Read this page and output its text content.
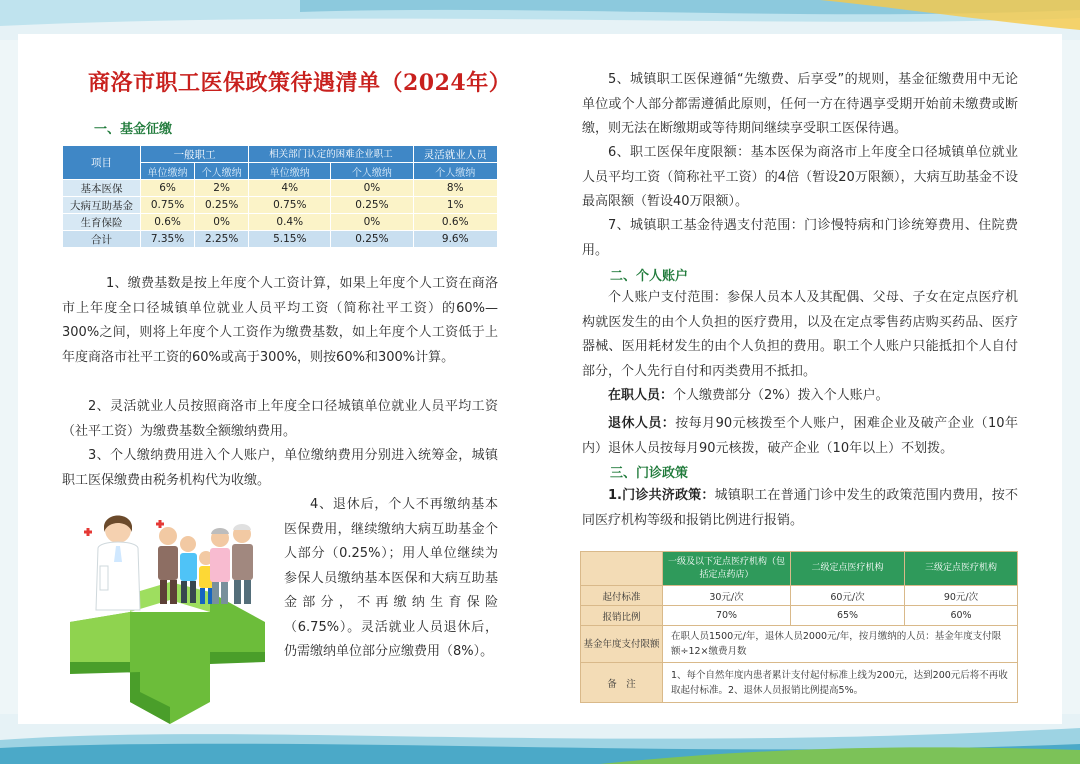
商洛市职工医保政策待遇清单（2024年）
一、基金征缴
项目	一般职工		相关部门认定的困难企业职工		灵活就业人员
	单位缴纳	个人缴纳	单位缴纳	个人缴纳	个人缴纳
基本医保	6%	2%	4%	0%	8%
大病互助基金	0.75%	0.25%	0.75%	0.25%	1%
生育保险	0.6%	0%	0.4%	0%	0.6%
合计	7.35%	2.25%	5.15%	0.25%	9.6%
1、缴费基数是按上年度个人工资计算，如果上年度个人工资在商洛市上年度全口径城镇单位就业人员平均工资（简称社平工资）的60%—300%之间，则将上年度个人工资作为缴费基数，如上年度个人工资低于上年度商洛市社平工资的60%或高于300%，则按60%和300%计算。
2、灵活就业人员按照商洛市上年度全口径城镇单位就业人员平均工资（社平工资）为缴费基数全额缴纳费用。
3、个人缴纳费用进入个人账户，单位缴纳费用分别进入统筹金，城镇职工医保缴费由税务机构代为收缴。
4、退休后，个人不再缴纳基本医保费用，继续缴纳大病互助基金个人部分（0.25%）；用人单位继续为参保人员缴纳基本医保和大病互助基金部分，不再缴纳生育保险（6.75%）。灵活就业人员退休后，仍需缴纳单位部分应缴费用（8%）。
5、城镇职工医保遵循“先缴费、后享受”的规则，基金征缴费用中无论单位或个人部分都需遵循此原则，任何一方在待遇享受期开始前未缴费或断缴，则无法在断缴期或等待期间继续享受职工医保待遇。
6、职工医保年度限额：基本医保为商洛市上年度全口径城镇单位就业人员平均工资（简称社平工资）的4倍（暂设20万限额），大病互助基金不设最高限额（暂设40万限额）。
7、城镇职工基金待遇支付范围：门诊慢特病和门诊统筹费用、住院费用。
二、个人账户
个人账户支付范围：参保人员本人及其配偶、父母、子女在定点医疗机构就医发生的由个人负担的医疗费用，以及在定点零售药店购买药品、医疗器械、医用耗材发生的由个人负担的费用。职工个人账户只能抵扣个人自付部分，个人先行自付和丙类费用不抵扣。
在职人员：个人缴费部分（2%）拨入个人账户。
退休人员：按每月90元核拨至个人账户，困难企业及破产企业（10年内）退休人员按每月90元核拨，破产企业（10年以上）不划拨。
三、门诊政策
1.门诊共济政策：城镇职工在普通门诊中发生的政策范围内费用，按不同医疗机构等级和报销比例进行报销。
	一级及以下定点医疗机构（包括定点药店）	二级定点医疗机构	三级定点医疗机构
起付标准	30元/次	60元/次	90元/次
报销比例	70%	65%	60%
基金年度支付限额	在职人员1500元/年，退休人员2000元/年，按月缴纳的人员：基金年度支付限额÷12×缴费月数		
备　注	1、每个自然年度内患者累计支付起付标准上线为200元，达到200元后将不再收取起付标准。2、退休人员报销比例提高5%。		
